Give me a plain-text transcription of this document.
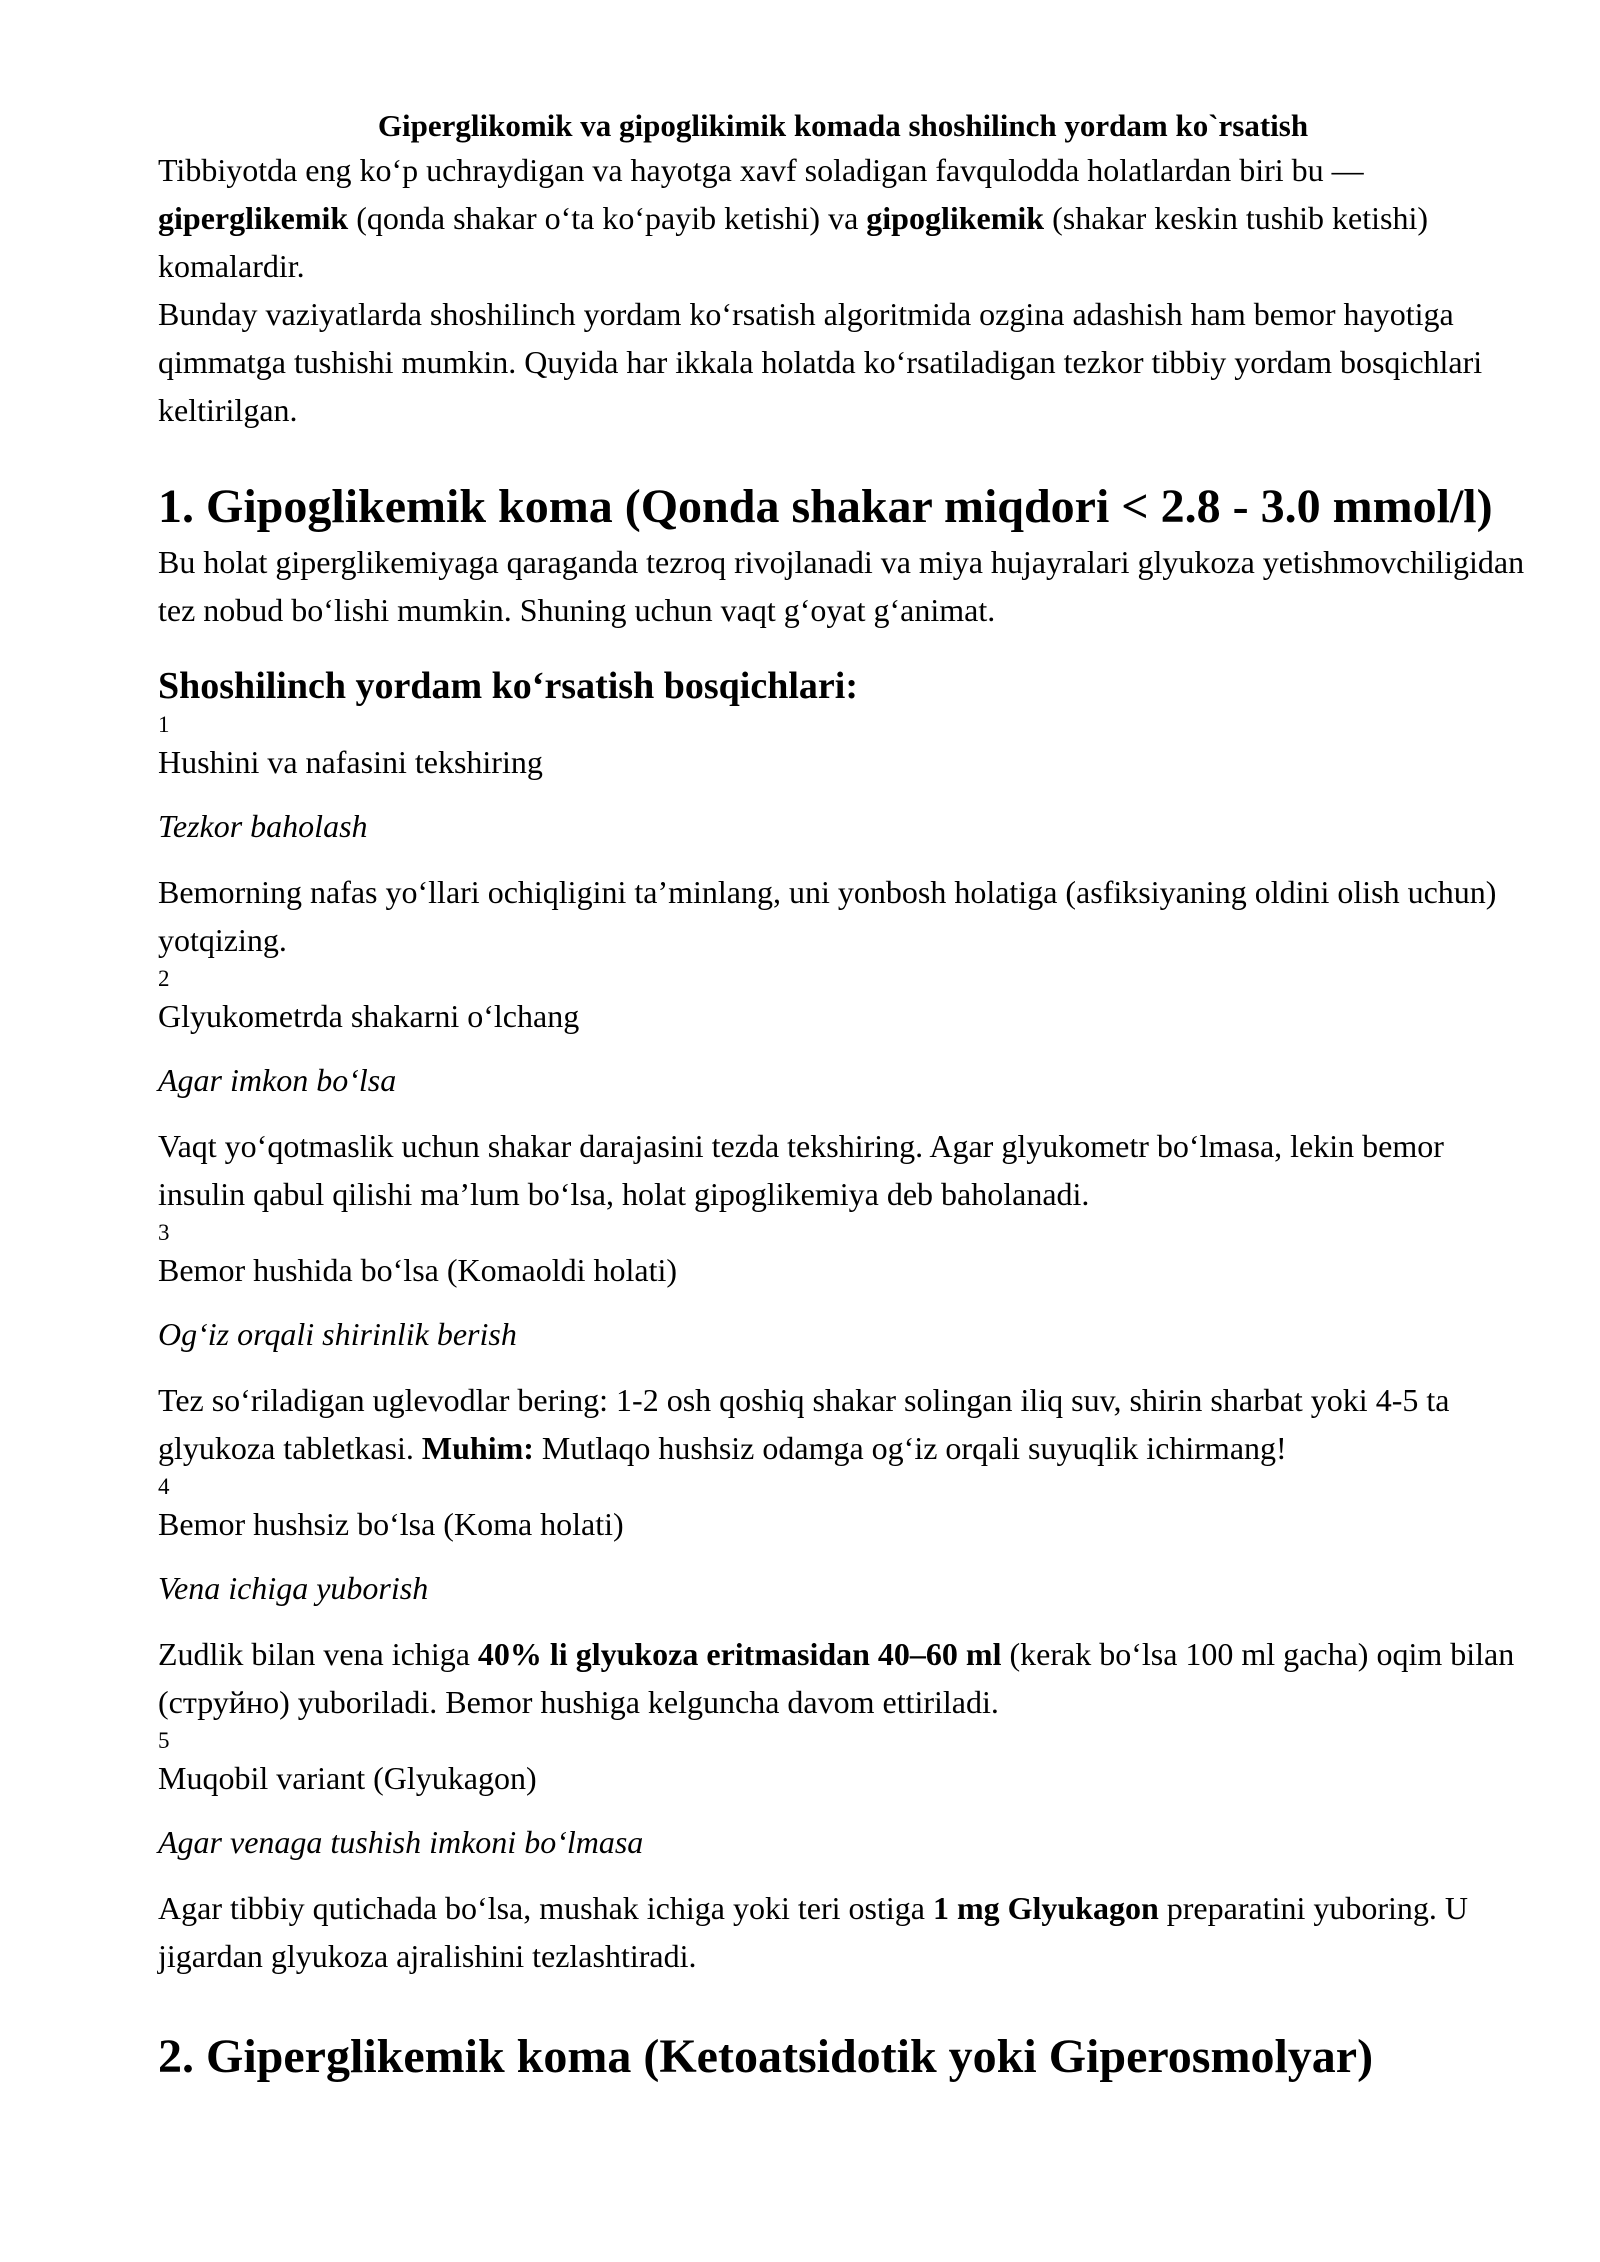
Giperglikomik va gipoglikimik komada shoshilinch yordam ko`rsatish

Tibbiyotda eng ko‘p uchraydigan va hayotga xavf soladigan favqulodda holatlardan biri bu —
giperglikemik (qonda shakar o‘ta ko‘payib ketishi) va gipoglikemik (shakar keskin tushib ketishi) komalardir.

Bunday vaziyatlarda shoshilinch yordam ko‘rsatish algoritmida ozgina adashish ham bemor hayotiga qimmatga tushishi mumkin. Quyida har ikkala holatda ko‘rsatiladigan tezkor tibbiy yordam bosqichlari keltirilgan.

1. Gipoglikemik koma (Qonda shakar miqdori < 2.8 - 3.0 mmol/l)

Bu holat giperglikemiyaga qaraganda tezroq rivojlanadi va miya hujayralari glyukoza yetishmovchiligidan tez nobud bo‘lishi mumkin. Shuning uchun vaqt g‘oyat g‘animat.

Shoshilinch yordam ko‘rsatish bosqichlari:

1

Hushini va nafasini tekshiring

Tezkor baholash

Bemorning nafas yo‘llari ochiqligini ta’minlang, uni yonbosh holatiga (asfiksiyaning oldini olish uchun) yotqizing.

2

Glyukometrda shakarni o‘lchang

Agar imkon bo‘lsa

Vaqt yo‘qotmaslik uchun shakar darajasini tezda tekshiring. Agar glyukometr bo‘lmasa, lekin bemor insulin qabul qilishi ma’lum bo‘lsa, holat gipoglikemiya deb baholanadi.

3

Bemor hushida bo‘lsa (Komaoldi holati)

Og‘iz orqali shirinlik berish

Tez so‘riladigan uglevodlar bering: 1-2 osh qoshiq shakar solingan iliq suv, shirin sharbat yoki 4-5 ta glyukoza tabletkasi. Muhim: Mutlaqo hushsiz odamga og‘iz orqali suyuqlik ichirmang!

4

Bemor hushsiz bo‘lsa (Koma holati)

Vena ichiga yuborish

Zudlik bilan vena ichiga 40% li glyukoza eritmasidan 40–60 ml (kerak bo‘lsa 100 ml gacha) oqim bilan (струйно) yuboriladi. Bemor hushiga kelguncha davom ettiriladi.

5

Muqobil variant (Glyukagon)

Agar venaga tushish imkoni bo‘lmasa

Agar tibbiy qutichada bo‘lsa, mushak ichiga yoki teri ostiga 1 mg Glyukagon preparatini yuboring. U jigardan glyukoza ajralishini tezlashtiradi.

2. Giperglikemik koma (Ketoatsidotik yoki Giperosmolyar)
